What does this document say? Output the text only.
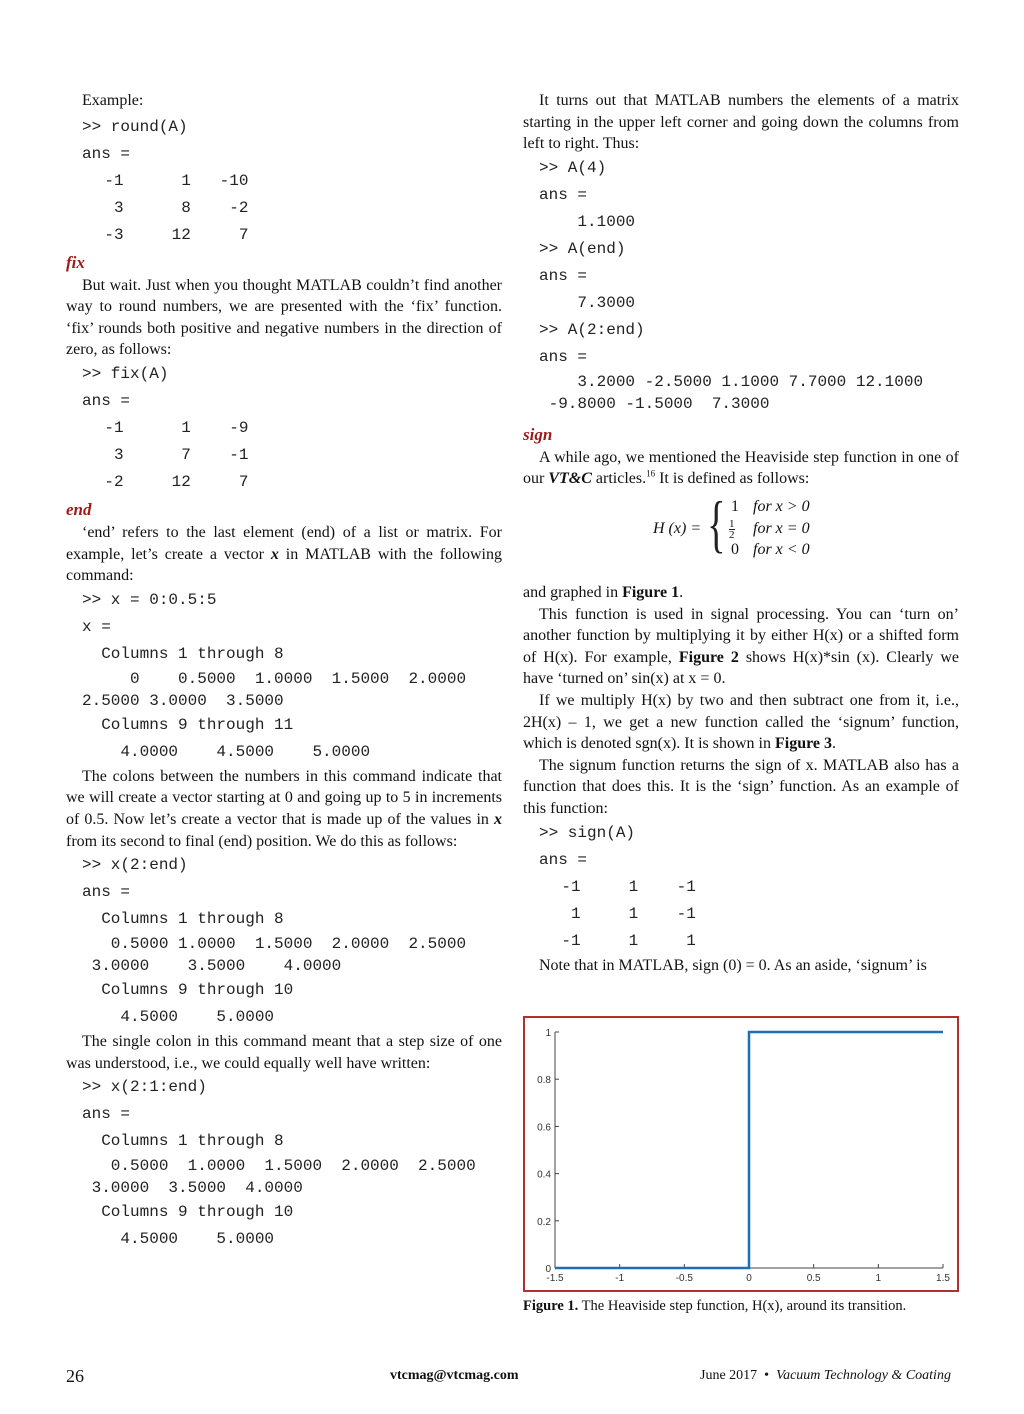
Example:

>> round(A)
ans =
-1      1   -10
3      8    -2
-3     12     7
fix

But wait. Just when you thought MATLAB couldn’t find another way to round numbers, we are presented with the ‘fix’ function. ‘fix’ rounds both positive and negative numbers in the direction of zero, as follows:

>> fix(A)
ans =
-1      1    -9
3      7    -1
-2     12     7
end

‘end’ refers to the last element (end) of a list or matrix. For example, let’s create a vector x in MATLAB with the following command:

>> x = 0:0.5:5
x =
Columns 1 through 8
0    0.5000  1.0000  1.5000  2.0000
2.5000 3.0000  3.5000
Columns 9 through 11
4.0000    4.5000    5.0000

The colons between the numbers in this command indicate that we will create a vector starting at 0 and going up to 5 in increments of 0.5. Now let’s create a vector that is made up of the values in x from its second to final (end) position. We do this as follows:

>> x(2:end)
ans =
Columns 1 through 8
0.5000 1.0000  1.5000  2.0000  2.5000
3.0000    3.5000    4.0000
Columns 9 through 10
4.5000    5.0000

The single colon in this command meant that a step size of one was understood, i.e., we could equally well have written:

>> x(2:1:end)
ans =
Columns 1 through 8
0.5000  1.0000  1.5000  2.0000  2.5000
3.0000  3.5000  4.0000
Columns 9 through 10
4.5000    5.0000

It turns out that MATLAB numbers the elements of a matrix starting in the upper left corner and going down the columns from left to right. Thus:

>> A(4)
ans =
1.1000
>> A(end)
ans =
7.3000
>> A(2:end)
ans =
3.2000 -2.5000 1.1000 7.7000 12.1000
-9.8000 -1.5000  7.3000
sign

A while ago, we mentioned the Heaviside step function in one of our VT&C articles.$^{16}$ It is defined as follows:

H (x) = { 1 for x > 0
$\frac{1}{2}$ for x = 0
0 for x < 0

and graphed in Figure 1.

This function is used in signal processing. You can ‘turn on’ another function by multiplying it by either H(x) or a shifted form of H(x). For example, Figure 2 shows H(x)*sin (x). Clearly we have ‘turned on’ sin(x) at x = 0.

If we multiply H(x) by two and then subtract one from it, i.e., 2H(x) – 1, we get a new function called the ‘signum’ function, which is denoted sgn(x). It is shown in Figure 3.

The signum function returns the sign of x. MATLAB also has a function that does this. It is the ‘sign’ function. As an example of this function:

>> sign(A)
ans =
-1     1    -1
1     1    -1
-1     1     1

Note that in MATLAB, sign (0) = 0. As an aside, ‘signum’ is

-1.5	-1	-0.5	0	0.5	1	1.5
0
0.2
0.4
0.6
0.8
1
Figure 1. The Heaviside step function, H(x), around its transition.
26	vtcmag@vtcmag.com	June 2017 • Vacuum Technology & Coating
